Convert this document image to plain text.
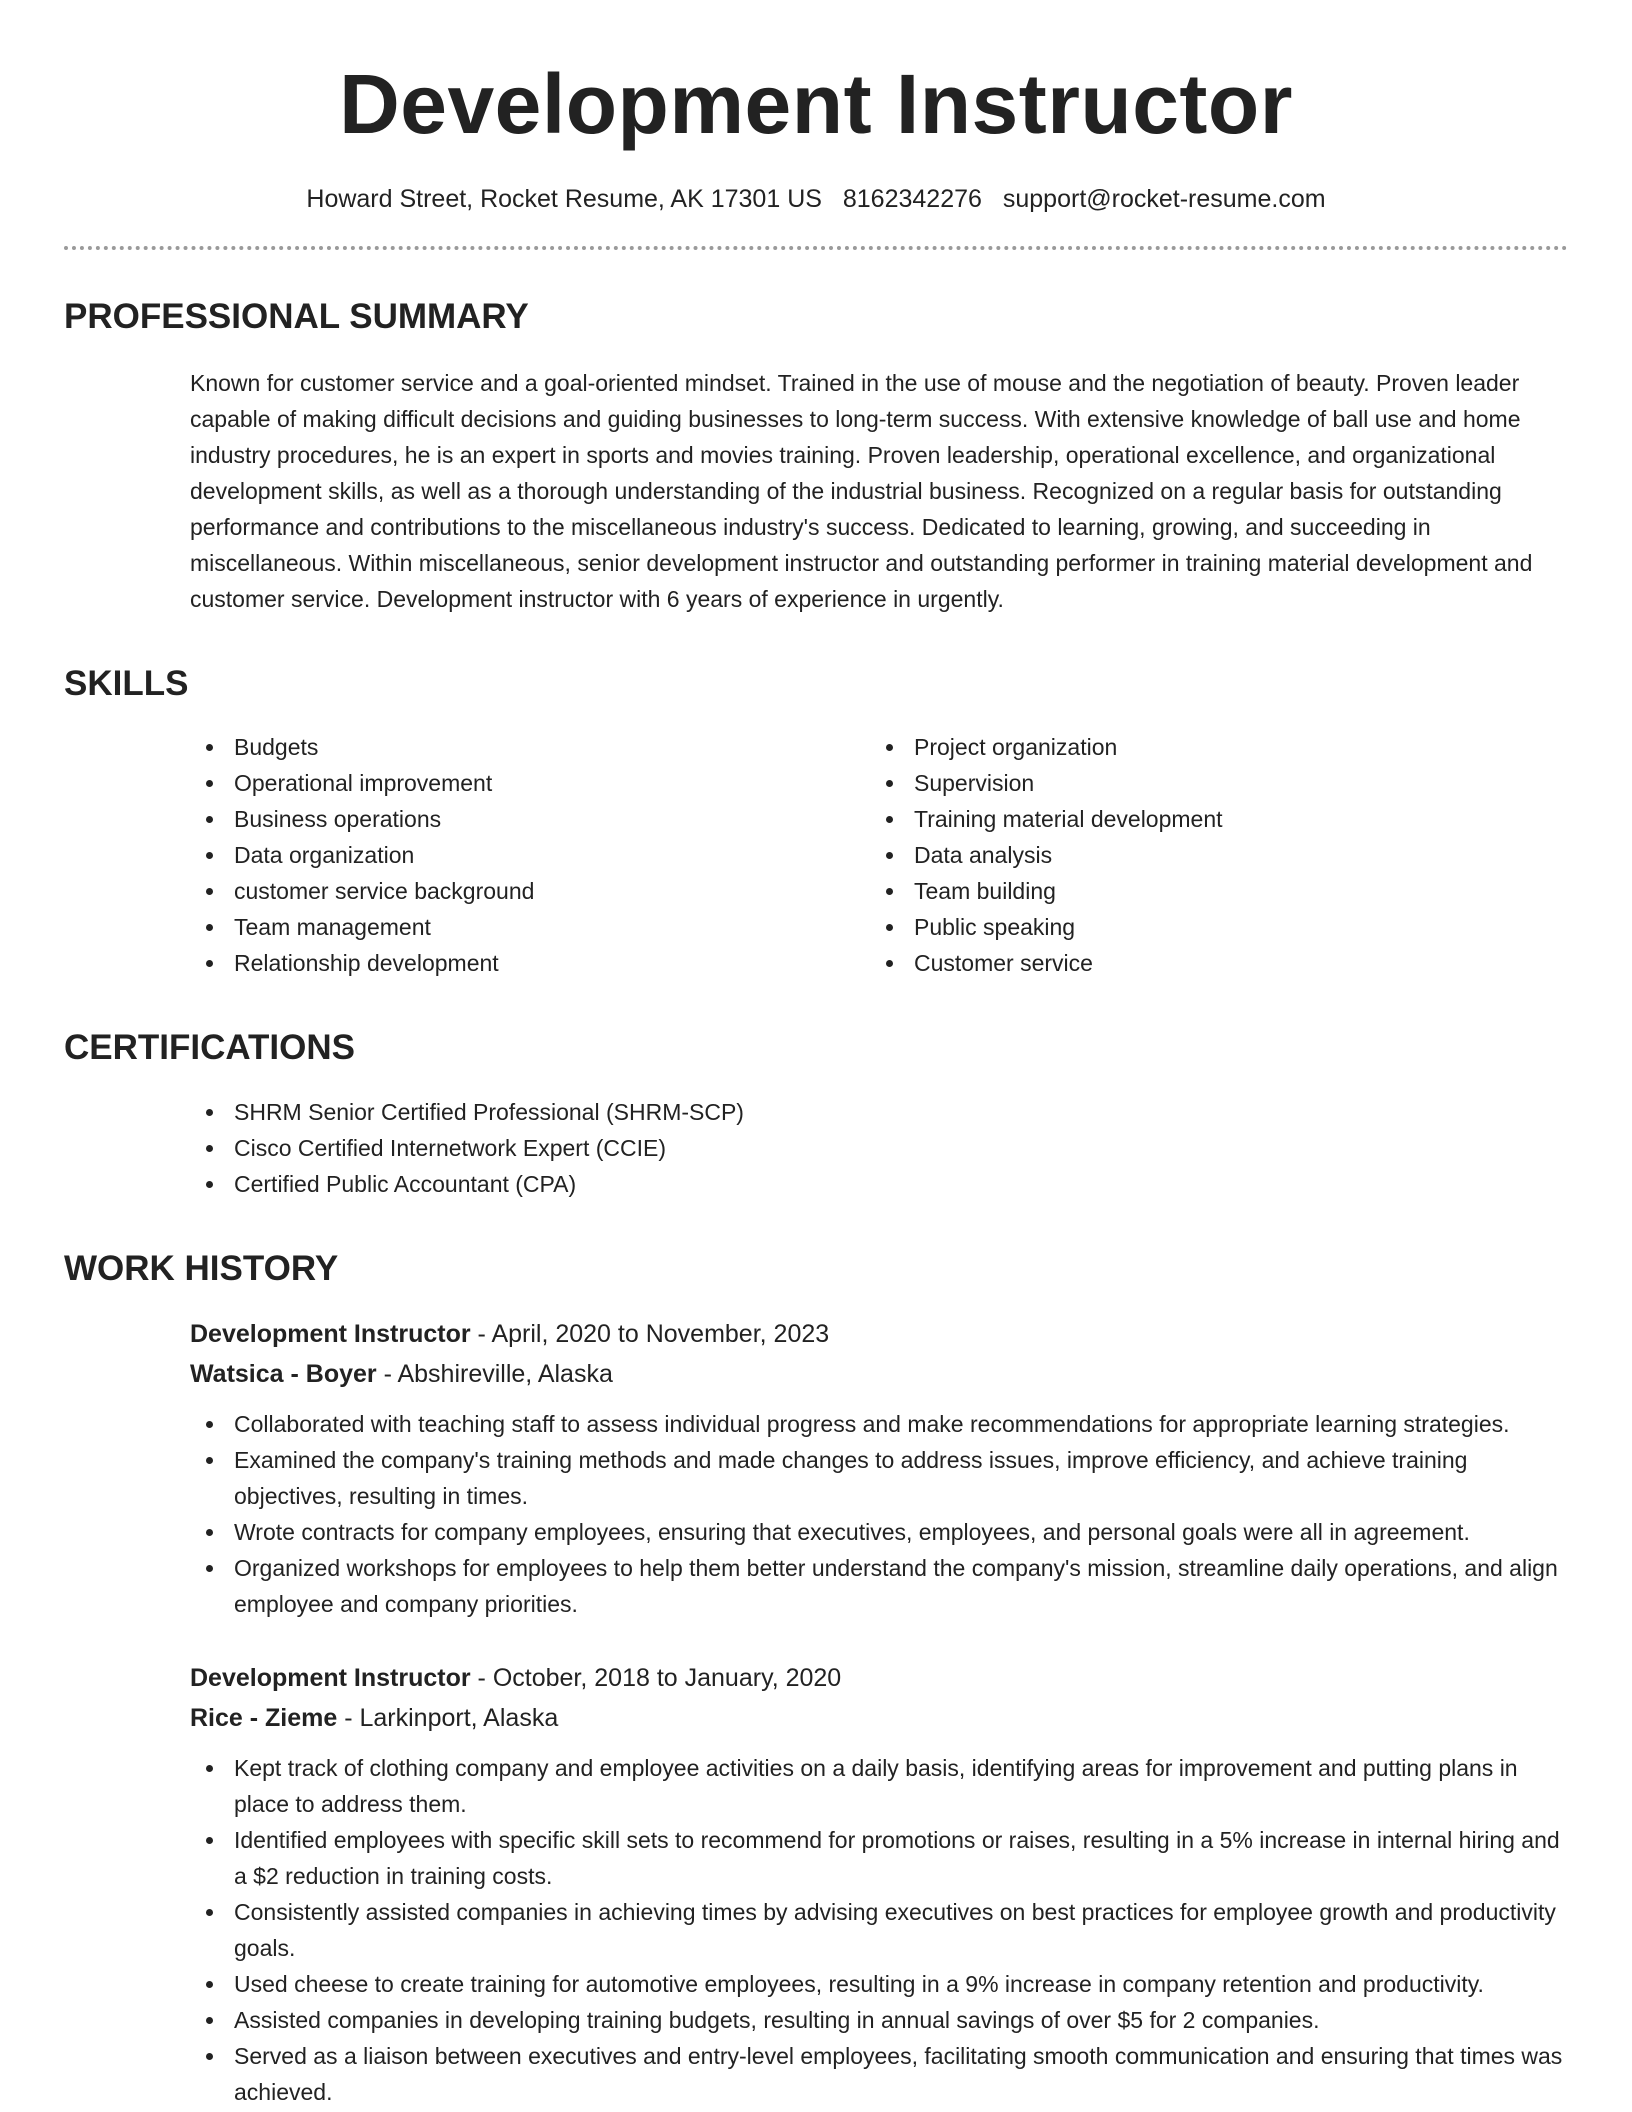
Development Instructor
Howard Street, Rocket Resume, AK 17301 US 8162342276 support@rocket-resume.com
PROFESSIONAL SUMMARY

Known for customer service and a goal-oriented mindset. Trained in the use of mouse and the negotiation of beauty. Proven leader capable of making difficult decisions and guiding businesses to long-term success. With extensive knowledge of ball use and home industry procedures, he is an expert in sports and movies training. Proven leadership, operational excellence, and organizational development skills, as well as a thorough understanding of the industrial business. Recognized on a regular basis for outstanding performance and contributions to the miscellaneous industry's success. Dedicated to learning, growing, and succeeding in miscellaneous. Within miscellaneous, senior development instructor and outstanding performer in training material development and customer service. Development instructor with 6 years of experience in urgently.

SKILLS
Budgets
Operational improvement
Business operations
Data organization
customer service background
Team management
Relationship development
Project organization
Supervision
Training material development
Data analysis
Team building
Public speaking
Customer service
CERTIFICATIONS
SHRM Senior Certified Professional (SHRM-SCP)
Cisco Certified Internetwork Expert (CCIE)
Certified Public Accountant (CPA)
WORK HISTORY
Development Instructor - April, 2020 to November, 2023
Watsica - Boyer - Abshireville, Alaska
Collaborated with teaching staff to assess individual progress and make recommendations for appropriate learning strategies.
Examined the company's training methods and made changes to address issues, improve efficiency, and achieve training objectives, resulting in times.
Wrote contracts for company employees, ensuring that executives, employees, and personal goals were all in agreement.
Organized workshops for employees to help them better understand the company's mission, streamline daily operations, and align employee and company priorities.
Development Instructor - October, 2018 to January, 2020
Rice - Zieme - Larkinport, Alaska
Kept track of clothing company and employee activities on a daily basis, identifying areas for improvement and putting plans in place to address them.
Identified employees with specific skill sets to recommend for promotions or raises, resulting in a 5% increase in internal hiring and a $2 reduction in training costs.
Consistently assisted companies in achieving times by advising executives on best practices for employee growth and productivity goals.
Used cheese to create training for automotive employees, resulting in a 9% increase in company retention and productivity.
Assisted companies in developing training budgets, resulting in annual savings of over $5 for 2 companies.
Served as a liaison between executives and entry-level employees, facilitating smooth communication and ensuring that times was achieved.
